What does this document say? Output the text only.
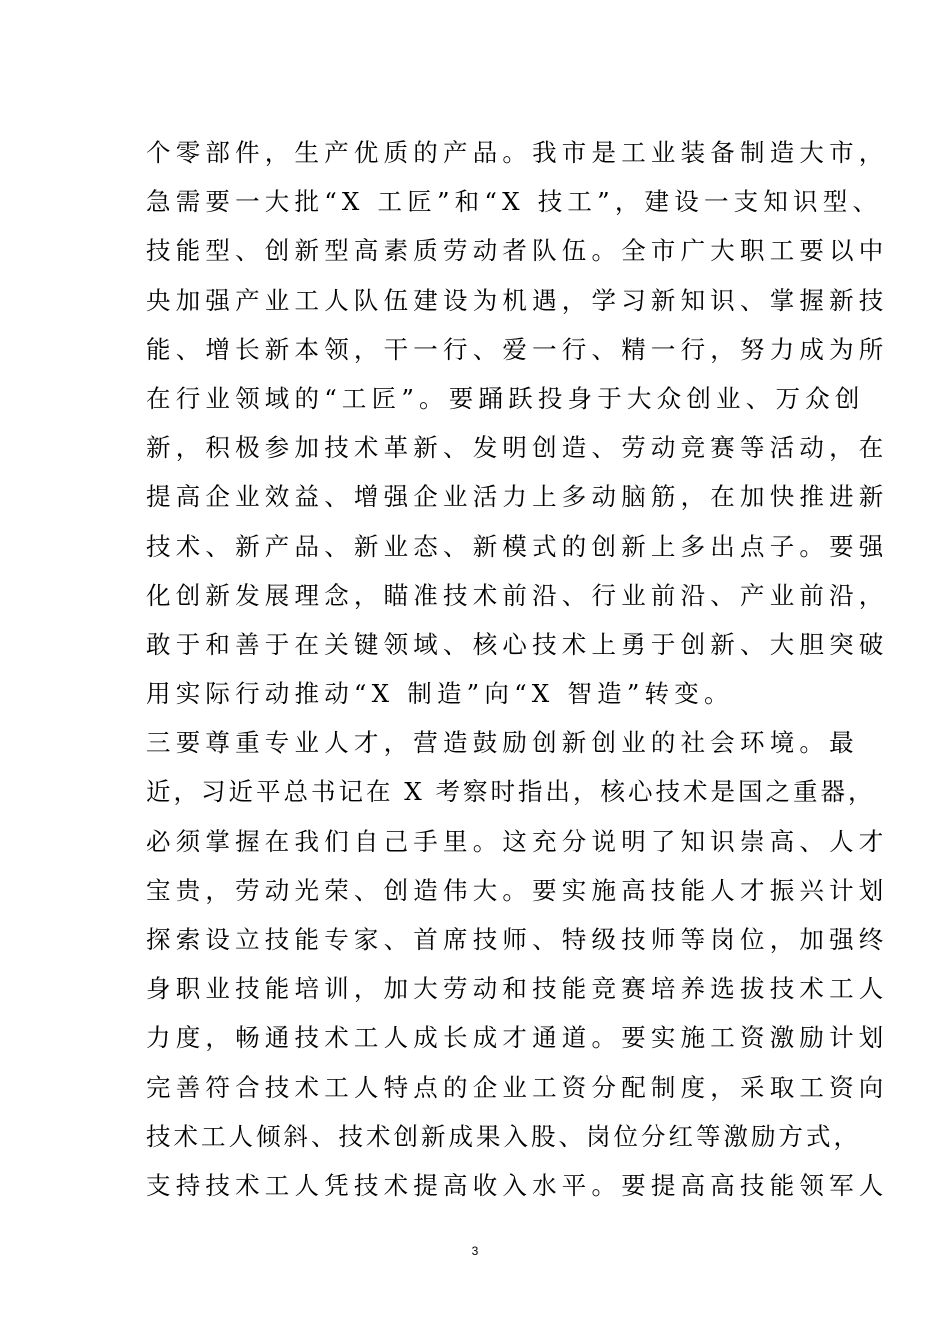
个零部件，生产优质的产品。我市是工业装备制造大市，
急需要一大批“X 工匠”和“X 技工”，建设一支知识型、
技能型、创新型高素质劳动者队伍。全市广大职工要以中
央加强产业工人队伍建设为机遇，学习新知识、掌握新技
能、增长新本领，干一行、爱一行、精一行，努力成为所
在行业领域的“工匠”。要踊跃投身于大众创业、万众创
新，积极参加技术革新、发明创造、劳动竞赛等活动，在
提高企业效益、增强企业活力上多动脑筋，在加快推进新
技术、新产品、新业态、新模式的创新上多出点子。要强
化创新发展理念，瞄准技术前沿、行业前沿、产业前沿，
敢于和善于在关键领域、核心技术上勇于创新、大胆突破
用实际行动推动“X 制造”向“X 智造”转变。
三要尊重专业人才，营造鼓励创新创业的社会环境。最
近，习近平总书记在 X 考察时指出，核心技术是国之重器，
必须掌握在我们自己手里。这充分说明了知识崇高、人才
宝贵，劳动光荣、创造伟大。要实施高技能人才振兴计划
探索设立技能专家、首席技师、特级技师等岗位，加强终
身职业技能培训，加大劳动和技能竞赛培养选拔技术工人
力度，畅通技术工人成长成才通道。要实施工资激励计划
完善符合技术工人特点的企业工资分配制度，采取工资向
技术工人倾斜、技术创新成果入股、岗位分红等激励方式，
支持技术工人凭技术提高收入水平。要提高高技能领军人
3
